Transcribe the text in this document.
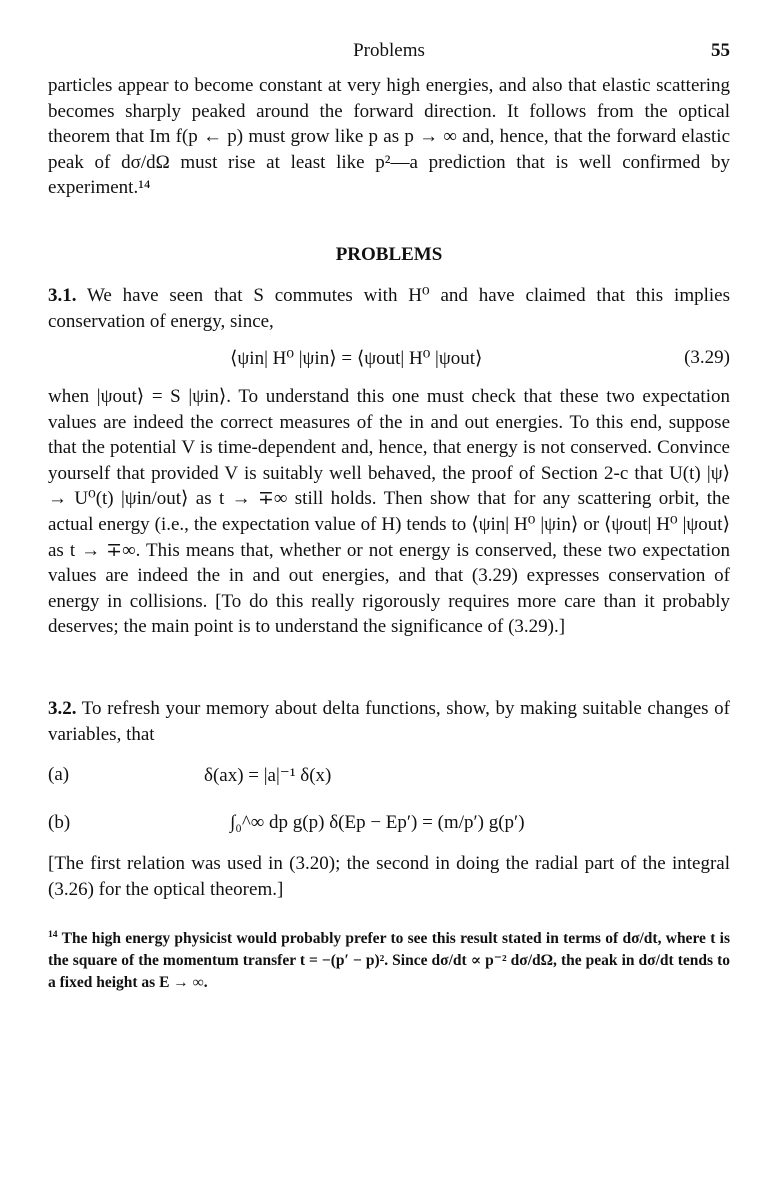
Problems	55
particles appear to become constant at very high energies, and also that elastic scattering becomes sharply peaked around the forward direction. It follows from the optical theorem that Im f(p ← p) must grow like p as p → ∞ and, hence, that the forward elastic peak of dσ/dΩ must rise at least like p²—a prediction that is well confirmed by experiment.¹⁴
PROBLEMS
3.1. We have seen that S commutes with H⁰ and have claimed that this implies conservation of energy, since,
⟨ψin| H⁰ |ψin⟩ = ⟨ψout| H⁰ |ψout⟩	(3.29)
when |ψout⟩ = S |ψin⟩. To understand this one must check that these two expectation values are indeed the correct measures of the in and out energies. To this end, suppose that the potential V is time-dependent and, hence, that energy is not conserved. Convince yourself that provided V is suitably well behaved, the proof of Section 2-c that U(t) |ψ⟩ → U⁰(t) |ψin/out⟩ as t → ∓∞ still holds. Then show that for any scattering orbit, the actual energy (i.e., the expectation value of H) tends to ⟨ψin| H⁰ |ψin⟩ or ⟨ψout| H⁰ |ψout⟩ as t → ∓∞. This means that, whether or not energy is conserved, these two expectation values are indeed the in and out energies, and that (3.29) expresses conservation of energy in collisions. [To do this really rigorously requires more care than it probably deserves; the main point is to understand the significance of (3.29).]
3.2. To refresh your memory about delta functions, show, by making suitable changes of variables, that
(a)	δ(ax) = |a|⁻¹ δ(x)
(b)	∫₀^∞ dp g(p) δ(Ep − Ep′) = (m/p′) g(p′)
[The first relation was used in (3.20); the second in doing the radial part of the integral (3.26) for the optical theorem.]
$^{14}$ The high energy physicist would probably prefer to see this result stated in terms of dσ/dt, where t is the square of the momentum transfer t = −(p′ − p)². Since dσ/dt ∝ p⁻² dσ/dΩ, the peak in dσ/dt tends to a fixed height as E → ∞.
